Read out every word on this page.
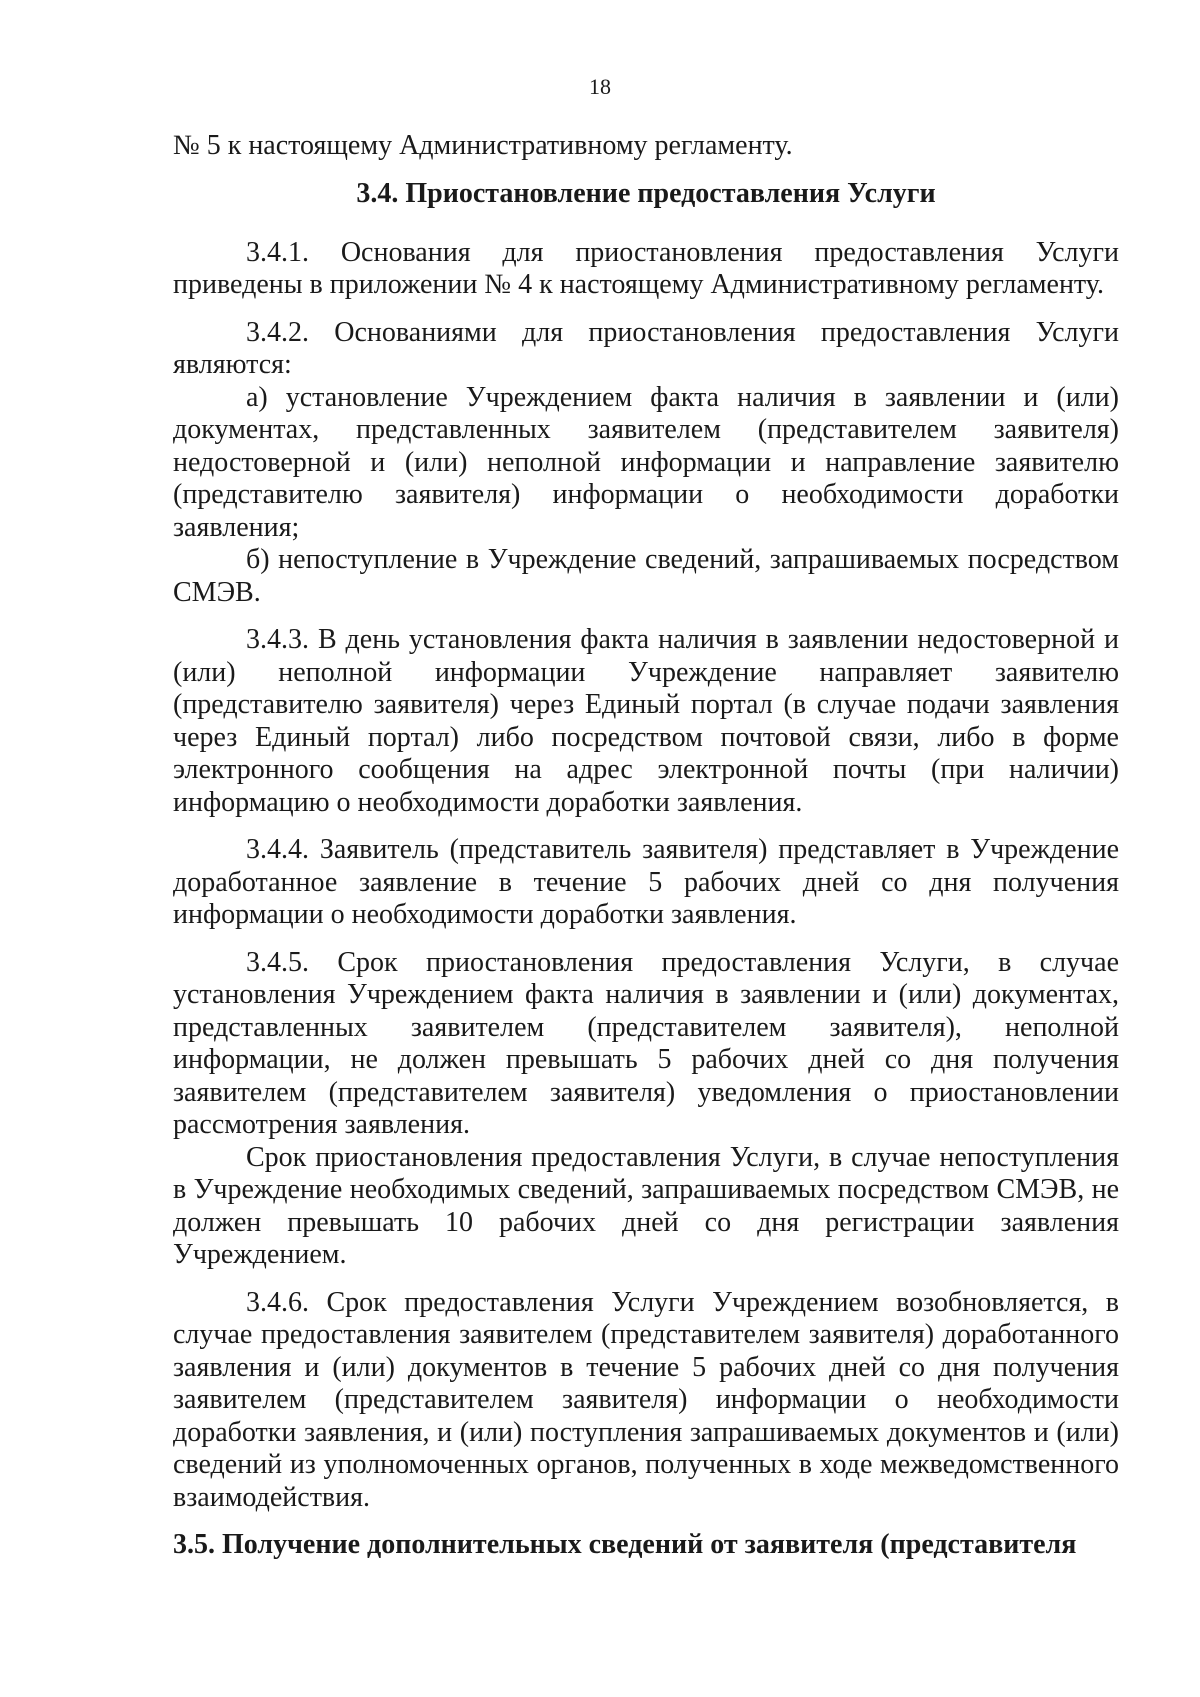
18

№ 5 к настоящему Административному регламенту.

3.4. Приостановление предоставления Услуги

3.4.1. Основания для приостановления предоставления Услуги приведены в приложении № 4 к настоящему Административному регламенту.

3.4.2. Основаниями для приостановления предоставления Услуги являются:

а) установление Учреждением факта наличия в заявлении и (или) документах, представленных заявителем (представителем заявителя) недостоверной и (или) неполной информации и направление заявителю (представителю заявителя) информации о необходимости доработки заявления;

б) непоступление в Учреждение сведений, запрашиваемых посредством СМЭВ.

3.4.3. В день установления факта наличия в заявлении недостоверной и (или) неполной информации Учреждение направляет заявителю (представителю заявителя) через Единый портал (в случае подачи заявления через Единый портал) либо посредством почтовой связи, либо в форме электронного сообщения на адрес электронной почты (при наличии) информацию о необходимости доработки заявления.

3.4.4. Заявитель (представитель заявителя) представляет в Учреждение доработанное заявление в течение 5 рабочих дней со дня получения информации о необходимости доработки заявления.

3.4.5. Срок приостановления предоставления Услуги, в случае установления Учреждением факта наличия в заявлении и (или) документах, представленных заявителем (представителем заявителя), неполной информации, не должен превышать 5 рабочих дней со дня получения заявителем (представителем заявителя) уведомления о приостановлении рассмотрения заявления.

Срок приостановления предоставления Услуги, в случае непоступления в Учреждение необходимых сведений, запрашиваемых посредством СМЭВ, не должен превышать 10 рабочих дней со дня регистрации заявления Учреждением.

3.4.6. Срок предоставления Услуги Учреждением возобновляется, в случае предоставления заявителем (представителем заявителя) доработанного заявления и (или) документов в течение 5 рабочих дней со дня получения заявителем (представителем заявителя) информации о необходимости доработки заявления, и (или) поступления запрашиваемых документов и (или) сведений из уполномоченных органов, полученных в ходе межведомственного взаимодействия.

3.5. Получение дополнительных сведений от заявителя (представителя
